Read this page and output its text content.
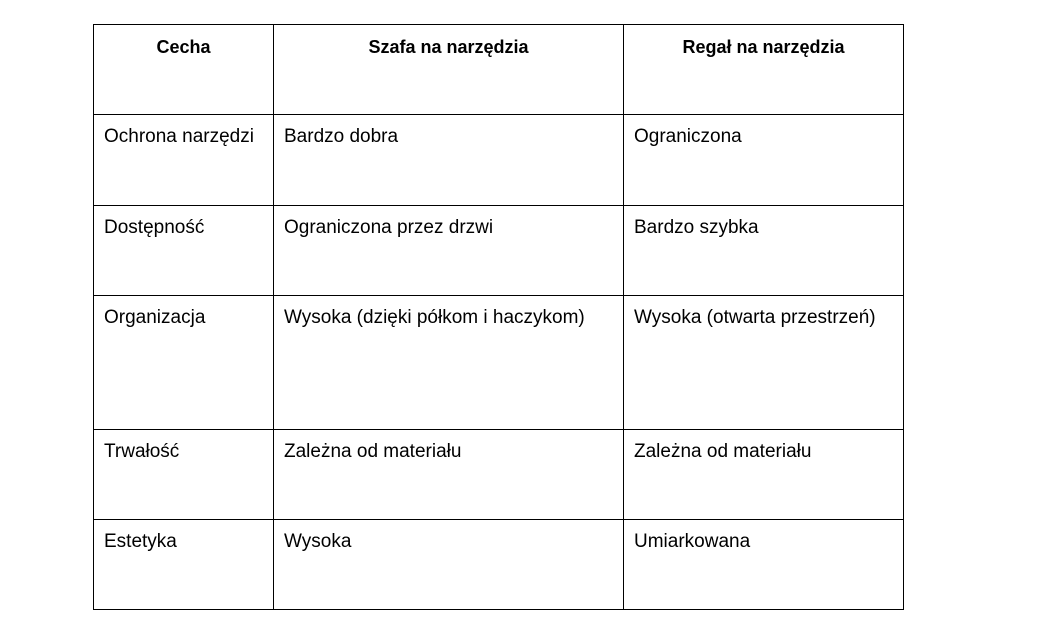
Cecha	Szafa na narzędzia	Regał na narzędzia
Ochrona narzędzi	Bardzo dobra	Ograniczona
Dostępność	Ograniczona przez drzwi	Bardzo szybka
Organizacja	Wysoka (dzięki półkom i haczykom)	Wysoka (otwarta przestrzeń)
Trwałość	Zależna od materiału	Zależna od materiału
Estetyka	Wysoka	Umiarkowana
